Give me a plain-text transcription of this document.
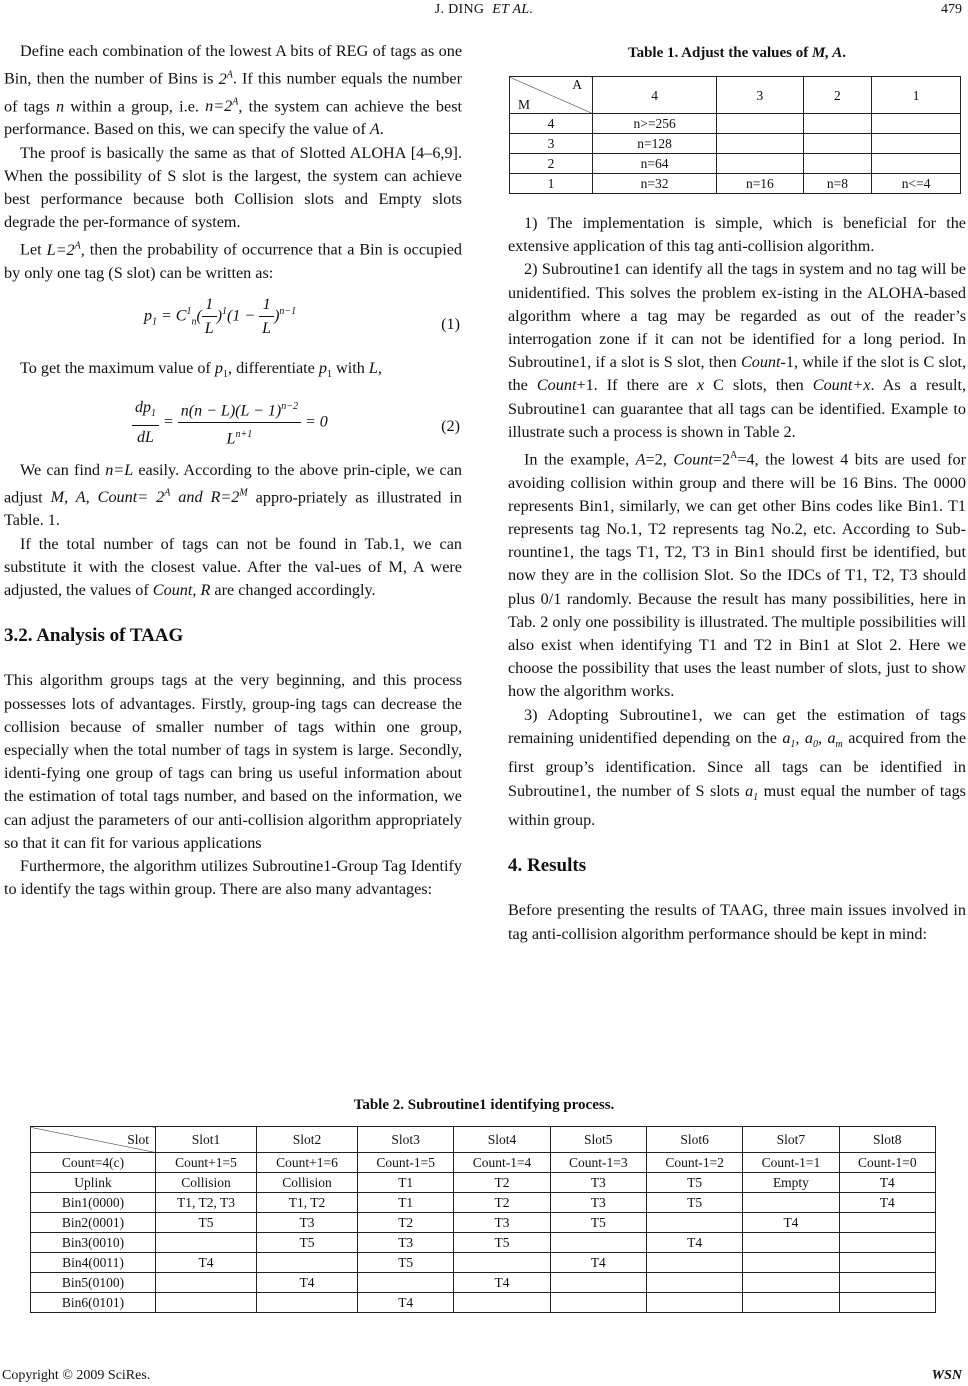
J. DING ET AL.	479

Define each combination of the lowest A bits of REG of tags as one Bin, then the number of Bins is $2^A$. If this number equals the number of tags n within a group, i.e. $n=2^A$, the system can achieve the best performance. Based on this, we can specify the value of A.

The proof is basically the same as that of Slotted ALOHA [4–6,9]. When the possibility of S slot is the largest, the system can achieve best performance because both Collision slots and Empty slots degrade the per-formance of system.

Let $L=2^A$, then the probability of occurrence that a Bin is occupied by only one tag (S slot) can be written as:

$p_1 = C^1_n( \frac{1}{L} )^1(1 - \frac{1}{L} )^{n-1}$
(1)

To get the maximum value of $p_1$, differentiate $p_1$ with L,

$\frac{dp_1}{dL} = \frac{n(n - L)(L - 1)^{n-2}}{L^{n+1}} = 0$	(2)

We can find n=L easily. According to the above prin-ciple, we can adjust M, A, Count= $2^A$ and $R=2^M$ appro-priately as illustrated in Table. 1.

If the total number of tags can not be found in Tab.1, we can substitute it with the closest value. After the val-ues of M, A were adjusted, the values of Count, R are changed accordingly.

3.2. Analysis of TAAG

This algorithm groups tags at the very beginning, and this process possesses lots of advantages. Firstly, group-ing tags can decrease the collision because of smaller number of tags within one group, especially when the total number of tags in system is large. Secondly, identi-fying one group of tags can bring us useful information about the estimation of total tags number, and based on the information, we can adjust the parameters of our anti-collision algorithm appropriately so that it can fit for various applications

Furthermore, the algorithm utilizes Subroutine1-Group Tag Identify to identify the tags within group. There are also many advantages:

Table 1. Adjust the values of M, A.
A
M	4	3	2	1
4	n>=256			
3	n=128			
2	n=64			
1	n=32	n=16	n=8	n<=4

1) The implementation is simple, which is beneficial for the extensive application of this tag anti-collision algorithm.

2) Subroutine1 can identify all the tags in system and no tag will be unidentified. This solves the problem ex-isting in the ALOHA-based algorithm where a tag may be regarded as out of the reader’s interrogation zone if it can not be identified for a long period. In Subroutine1, if a slot is S slot, then Count-1, while if the slot is C slot, the Count+1. If there are x C slots, then Count+x. As a result, Subroutine1 can guarantee that all tags can be identified. Example to illustrate such a process is shown in Table 2.

In the example, A=2, $Count=2^A=4$, the lowest 4 bits are used for avoiding collision within group and there will be 16 Bins. The 0000 represents Bin1, similarly, we can get other Bins codes like Bin1. T1 represents tag No.1, T2 represents tag No.2, etc. According to Sub-rountine1, the tags T1, T2, T3 in Bin1 should first be identified, but now they are in the collision Slot. So the IDCs of T1, T2, T3 should plus 0/1 randomly. Because the result has many possibilities, here in Tab. 2 only one possibility is illustrated. The multiple possibilities will also exist when identifying T1 and T2 in Bin1 at Slot 2. Here we choose the possibility that uses the least number of slots, just to show how the algorithm works.

3) Adopting Subroutine1, we can get the estimation of tags remaining unidentified depending on the $a_1$, $a_0$, $a_m$ acquired from the first group’s identification. Since all tags can be identified in Subroutine1, the number of S slots $a_1$ must equal the number of tags within group.

4. Results

Before presenting the results of TAAG, three main issues involved in tag anti-collision algorithm performance should be kept in mind:

Table 2. Subroutine1 identifying process.
Slot	Slot1	Slot2	Slot3	Slot4	Slot5	Slot6	Slot7	Slot8
Count=4(c)	Count+1=5	Count+1=6	Count-1=5	Count-1=4	Count-1=3	Count-1=2	Count-1=1	Count-1=0
Uplink	Collision	Collision	T1	T2	T3	T5	Empty	T4
Bin1(0000)	T1, T2, T3	T1, T2	T1	T2	T3	T5		T4
Bin2(0001)	T5	T3	T2	T3	T5		T4	
Bin3(0010)		T5	T3	T5		T4		
Bin4(0011)	T4		T5		T4			
Bin5(0100)		T4		T4				
Bin6(0101)			T4					
Copyright © 2009 SciRes.	WSN
